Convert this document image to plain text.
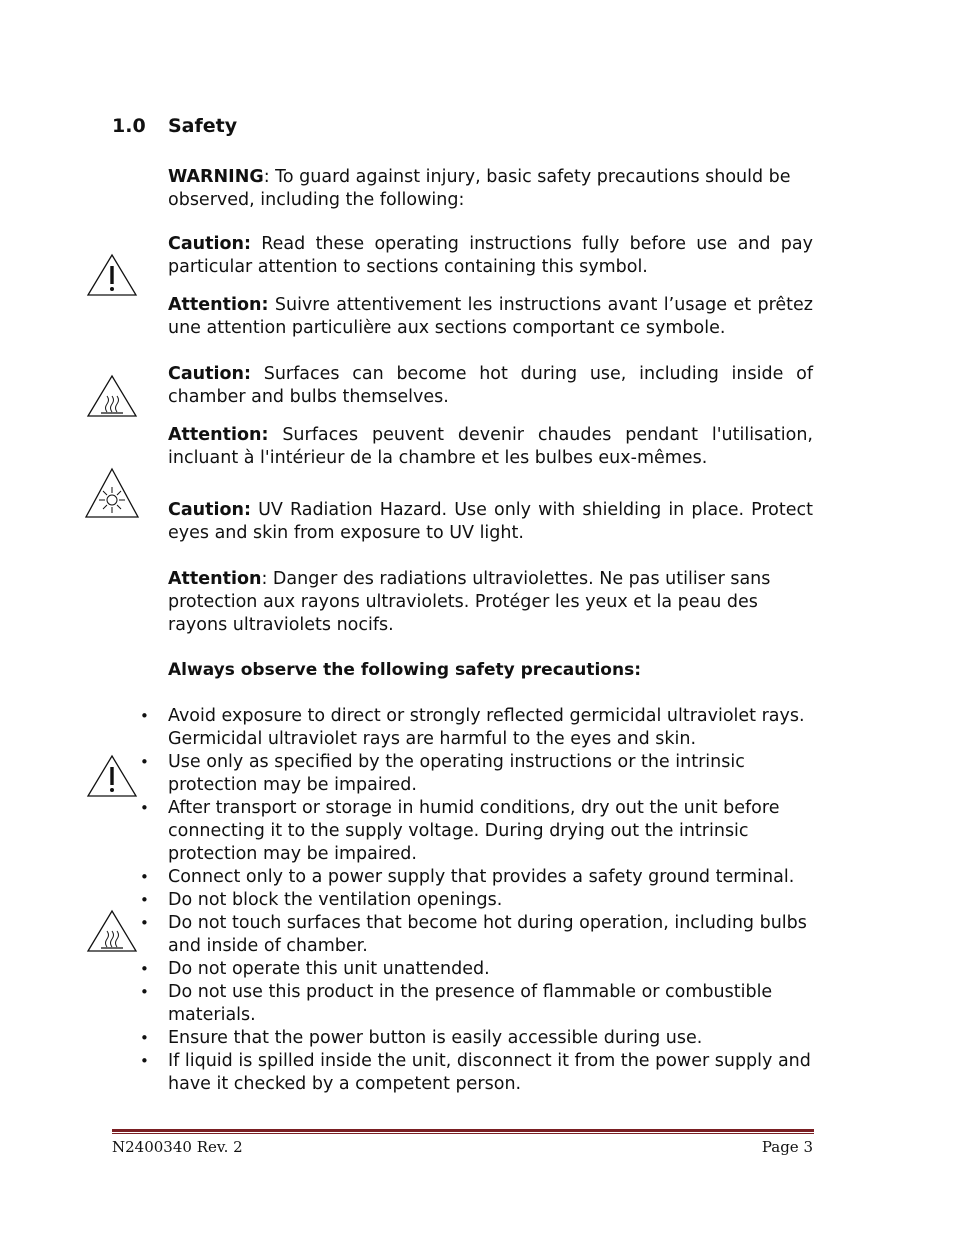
1.0 Safety

WARNING: To guard against injury, basic safety precautions should be observed, including the following:

Caution: Read these operating instructions fully before use and pay particular attention to sections containing this symbol.

Attention: Suivre attentivement les instructions avant l’usage et prêtez une attention particulière aux sections comportant ce symbole.

Caution: Surfaces can become hot during use, including inside of chamber and bulbs themselves.

Attention: Surfaces peuvent devenir chaudes pendant l'utilisation, incluant à l'intérieur de la chambre et les bulbes eux-mêmes.

Caution: UV Radiation Hazard. Use only with shielding in place. Protect eyes and skin from exposure to UV light.

Attention: Danger des radiations ultraviolettes. Ne pas utiliser sans protection aux rayons ultraviolets. Protéger les yeux et la peau des rayons ultraviolets nocifs.

Always observe the following safety precautions:
• Avoid exposure to direct or strongly reflected germicidal ultraviolet rays. Germicidal ultraviolet rays are harmful to the eyes and skin.
• Use only as specified by the operating instructions or the intrinsic protection may be impaired.
• After transport or storage in humid conditions, dry out the unit before connecting it to the supply voltage. During drying out the intrinsic protection may be impaired.
• Connect only to a power supply that provides a safety ground terminal.
• Do not block the ventilation openings.
• Do not touch surfaces that become hot during operation, including bulbs and inside of chamber.
• Do not operate this unit unattended.
• Do not use this product in the presence of flammable or combustible materials.
• Ensure that the power button is easily accessible during use.
• If liquid is spilled inside the unit, disconnect it from the power supply and have it checked by a competent person.
N2400340 Rev. 2	Page 3
